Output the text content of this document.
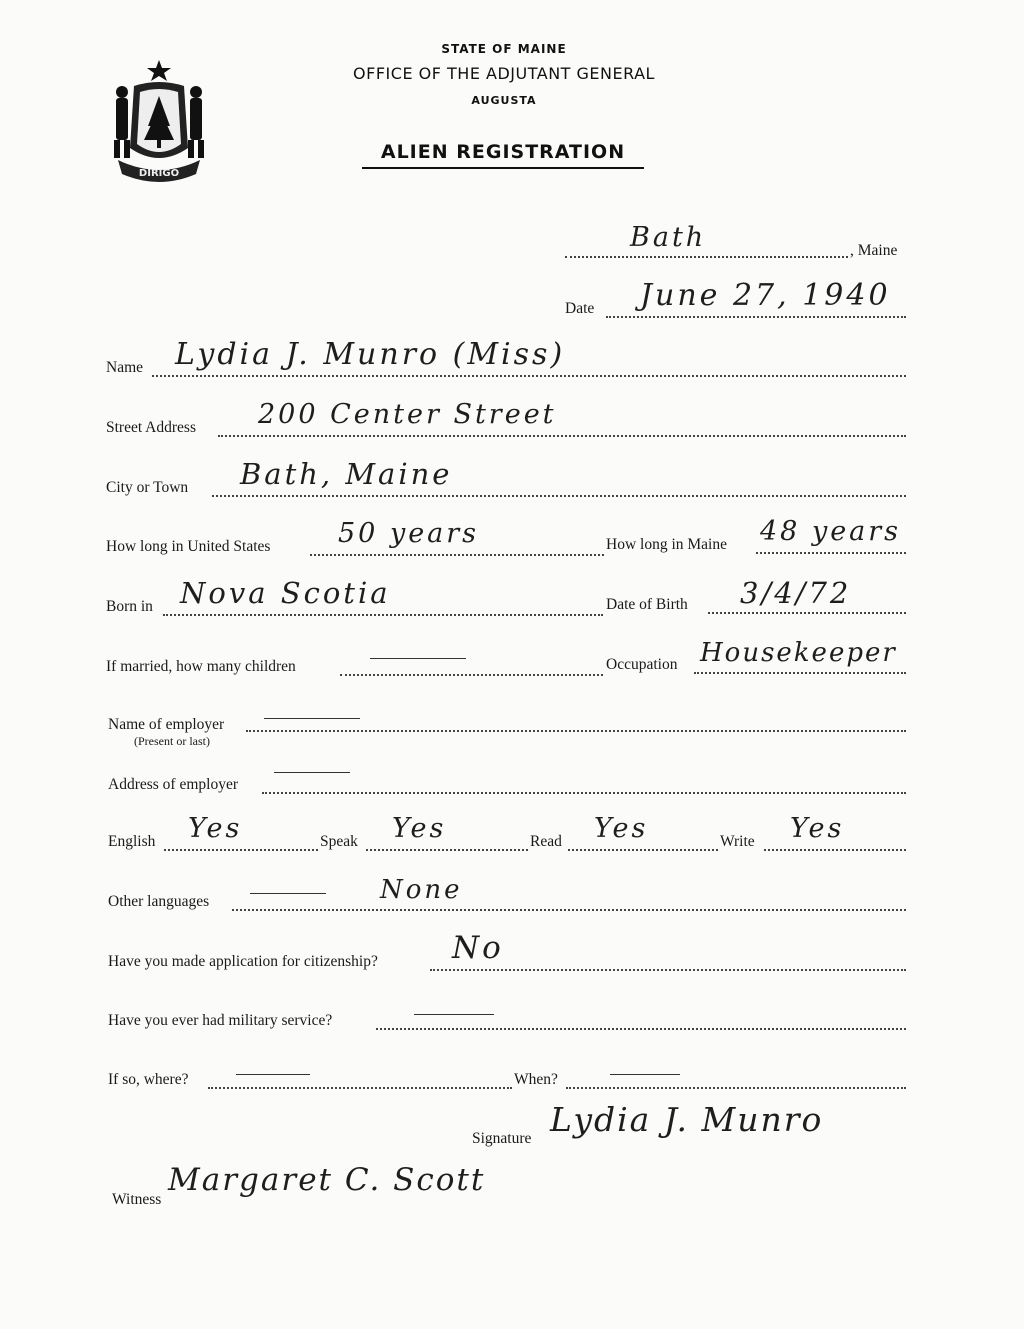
DIRIGO
STATE OF MAINE
OFFICE OF THE ADJUTANT GENERAL
AUGUSTA
ALIEN REGISTRATION
Bath	, Maine
Date June 27, 1940
Name Lydia J. Munro (Miss)
Street Address 200 Center Street
City or Town Bath, Maine
How long in United States	50 years	How long in Maine 48 years
Born in Nova Scotia	Date of Birth 3/4/72
If married, how many children	Occupation Housekeeper
Name of employer
(Present or last)
Address of employer
English Yes	Speak Yes	Read Yes	Write Yes
Other languages	None
Have you made application for citizenship? No
Have you ever had military service?
If so, where?	When?
Signature Lydia J. Munro
Witness
Margaret C. Scott
